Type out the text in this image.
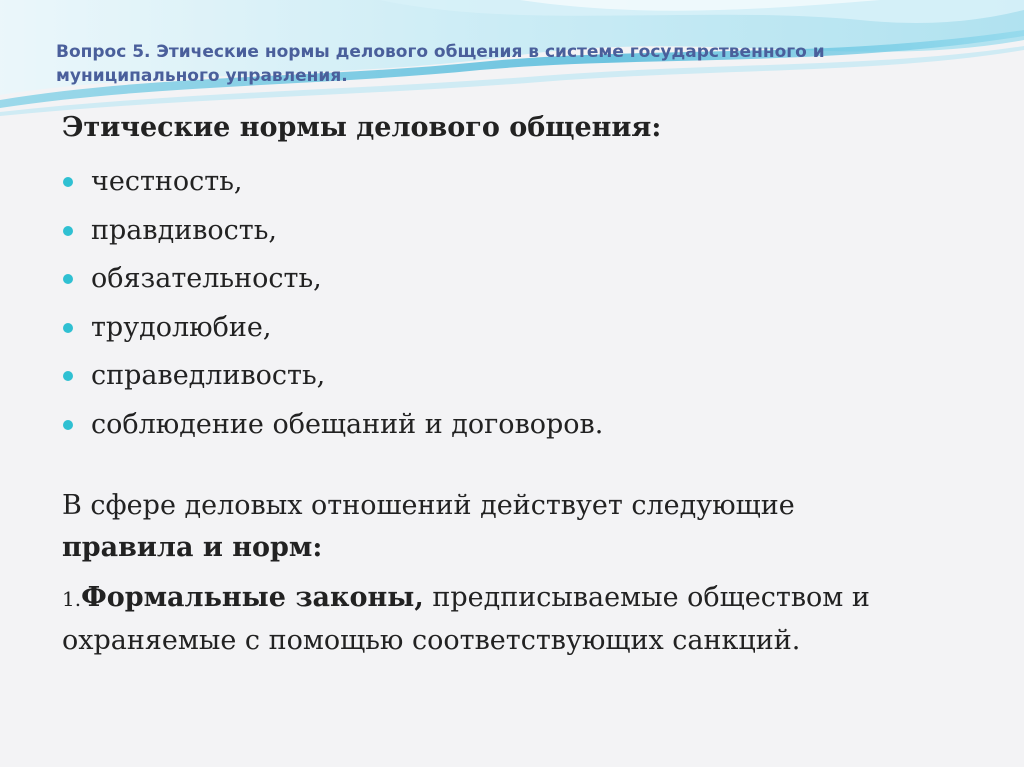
Вопрос 5. Этические нормы делового общения в системе государственного и муниципального управления.
Этические нормы делового общения:
честность,
правдивость,
обязательность,
трудолюбие,
справедливость,
соблюдение обещаний и договоров.

В сфере деловых отношений действует следующие
правила и норм:

1.Формальные законы, предписываемые обществом и охраняемые с помощью соответствующих санкций.
